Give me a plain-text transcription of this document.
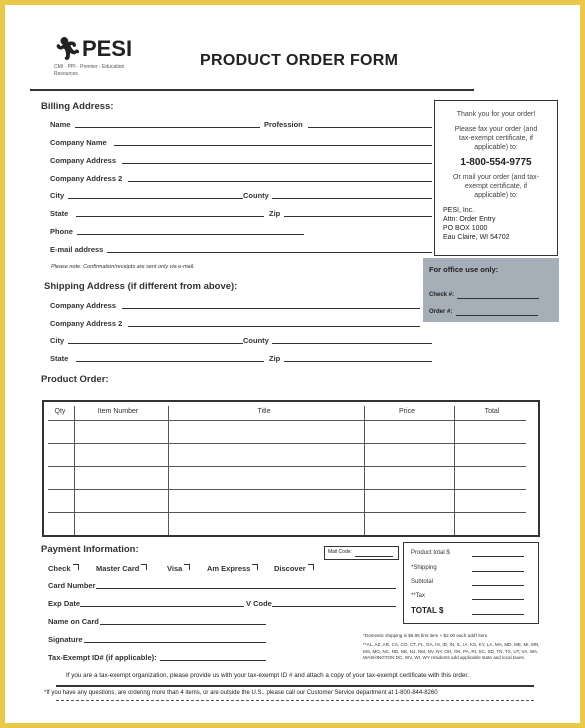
🏃︎PESI
CMI · PPI · Premier · Education Resources
PRODUCT ORDER FORM
Billing Address:
Name	Profession
Company Name
Company Address
Company Address 2
City	County
State	Zip
Phone
E-mail address
Please note: Confirmation/receipts are sent only via e-mail.
Thank you for your order!
Please fax your order (and tax-exempt certificate, if applicable) to:
1-800-554-9775
Or mail your order (and tax-exempt certificate, if applicable) to:
PESI, Inc.
Attn: Order Entry
PO BOX 1000
Eau Claire, WI 54702
For office use only:
Check #:
Order #:
Shipping Address (if different from above):
Company Address
Company Address 2
City	County
State	Zip
Product Order:
Qty	Item Number	Title	Price	Total
Payment Information:
Check	Master Card	Visa	Am Express	Discover
Card Number
Exp Date	V Code
Name on Card
Signature
Tax-Exempt ID# (if applicable):
Mail Code:	Product total $
*Shipping
Subtotal
**Tax
TOTAL $
*Domestic shipping is $6.95 first item + $2.00 each add'l item.
**AL, AZ, AR, CA, CO, CT, FL, GA, HI, ID, IN, IL, IA, KS, KY, LA, MA, MD, ME, MI, MN, MS, MO, NC, ND, NE, NJ, NM, NV, NY, OH, OK, PA, RI, SC, SD, TN, TX, UT, VA, WA, WASHINGTON DC, WV, WI, WY residents add applicable state and local taxes.
If you are a tax-exempt organization, please provide us with your tax-exempt ID # and attach a copy of your tax-exempt certificate with this order.
*If you have any questions, are ordering more than 4 items, or are outside the U.S., please call our Customer Service department at 1-800-844-8260
